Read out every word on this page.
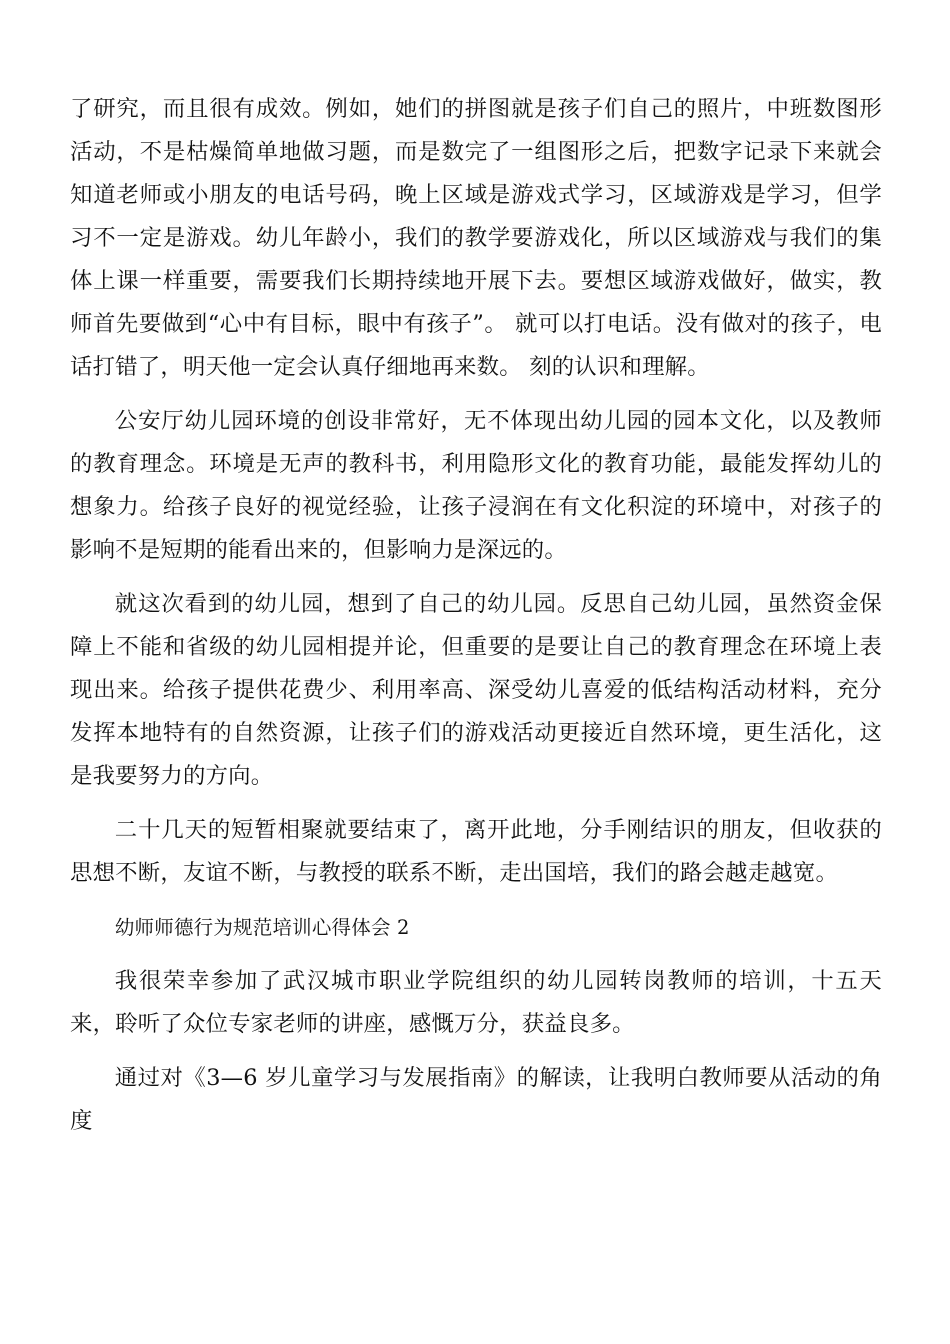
了研究，而且很有成效。例如，她们的拼图就是孩子们自己的照片，中班数图形活动，不是枯燥简单地做习题，而是数完了一组图形之后，把数字记录下来就会知道老师或小朋友的电话号码，晚上区域是游戏式学习，区域游戏是学习，但学习不一定是游戏。幼儿年龄小，我们的教学要游戏化，所以区域游戏与我们的集体上课一样重要，需要我们长期持续地开展下去。要想区域游戏做好，做实，教师首先要做到“心中有目标，眼中有孩子”。 就可以打电话。没有做对的孩子，电话打错了，明天他一定会认真仔细地再来数。 刻的认识和理解。

公安厅幼儿园环境的创设非常好，无不体现出幼儿园的园本文化，以及教师的教育理念。环境是无声的教科书，利用隐形文化的教育功能，最能发挥幼儿的想象力。给孩子良好的视觉经验，让孩子浸润在有文化积淀的环境中，对孩子的影响不是短期的能看出来的，但影响力是深远的。

就这次看到的幼儿园，想到了自己的幼儿园。反思自己幼儿园，虽然资金保障上不能和省级的幼儿园相提并论，但重要的是要让自己的教育理念在环境上表现出来。给孩子提供花费少、利用率高、深受幼儿喜爱的低结构活动材料，充分发挥本地特有的自然资源，让孩子们的游戏活动更接近自然环境，更生活化，这是我要努力的方向。

二十几天的短暂相聚就要结束了，离开此地，分手刚结识的朋友，但收获的思想不断，友谊不断，与教授的联系不断，走出国培，我们的路会越走越宽。

幼师师德行为规范培训心得体会 2

我很荣幸参加了武汉城市职业学院组织的幼儿园转岗教师的培训，十五天来，聆听了众位专家老师的讲座，感慨万分，获益良多。

通过对《3—6 岁儿童学习与发展指南》的解读，让我明白教师要从活动的角度
